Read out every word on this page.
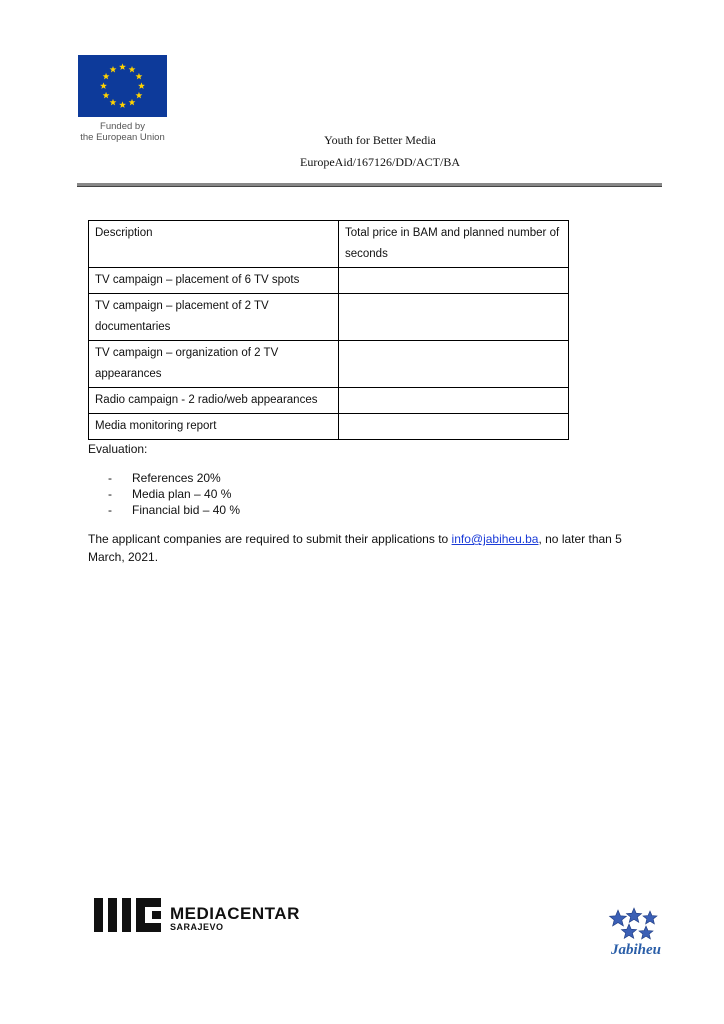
Funded by
the European Union	Youth for Better Media
EuropeAid/167126/DD/ACT/BA
Description	Total price in BAM and planned number of seconds
TV campaign – placement of 6 TV spots	
TV campaign – placement of 2 TV documentaries	
TV campaign – organization of 2 TV appearances	
Radio campaign - 2 radio/web appearances	
Media monitoring report	
Evaluation:
- References 20%
- Media plan – 40 %
- Financial bid – 40 %
The applicant companies are required to submit their applications to info@jabiheu.ba, no later than 5 March, 2021.
MEDIACENTAR
SARAJEVO
Jabiheu
